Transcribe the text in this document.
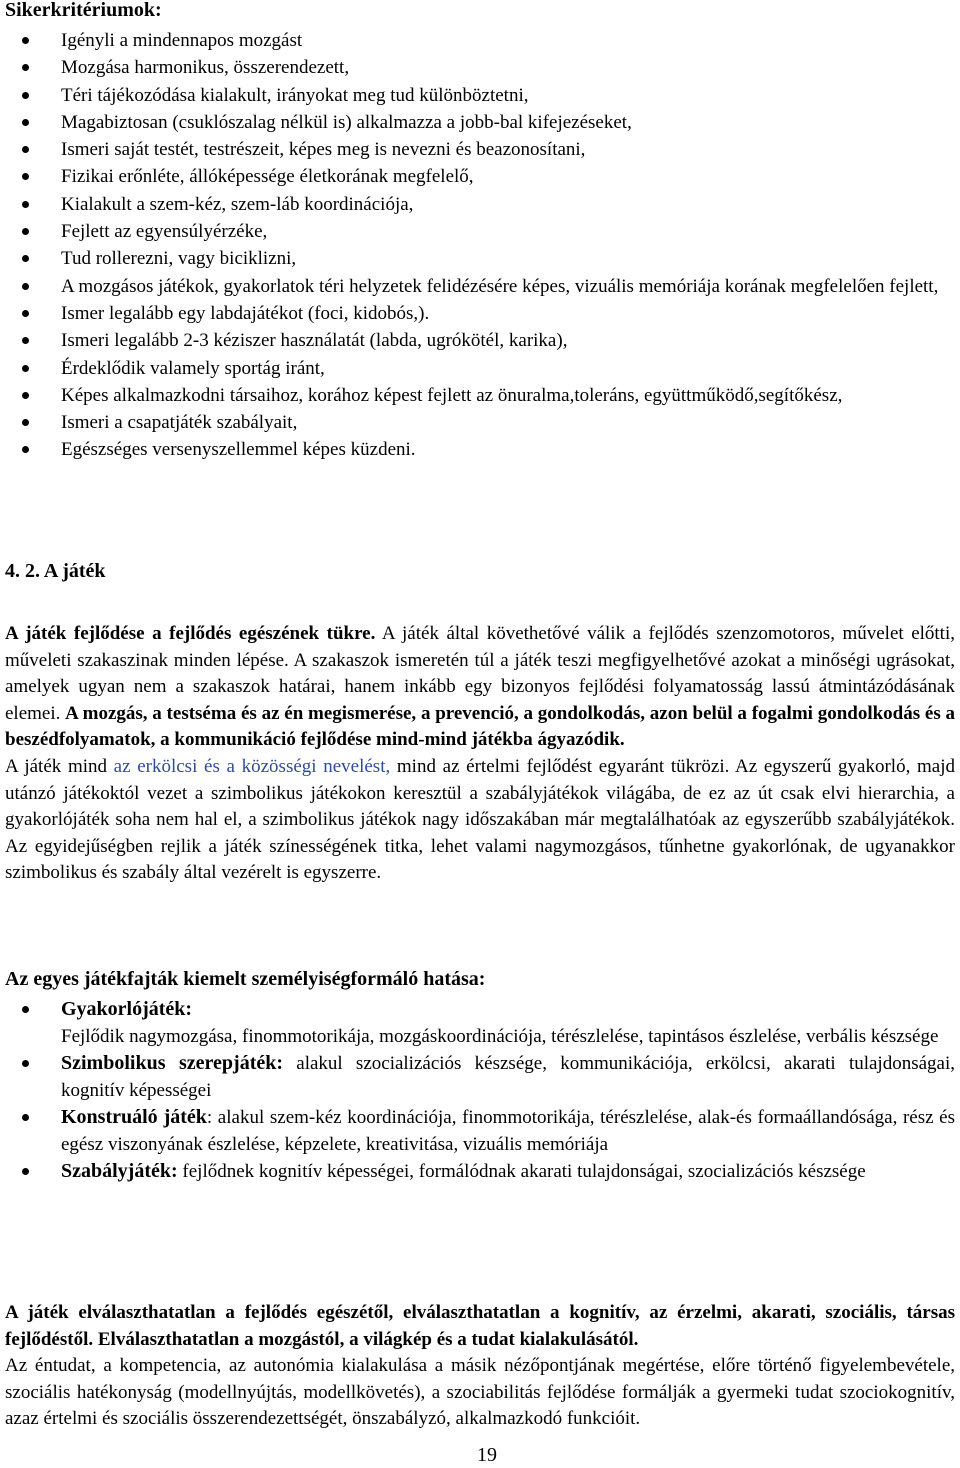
Sikerkritériumok:
Igényli a mindennapos mozgást
Mozgása harmonikus, összerendezett,
Téri tájékozódása kialakult, irányokat meg tud különböztetni,
Magabiztosan (csuklószalag nélkül is) alkalmazza a jobb-bal kifejezéseket,
Ismeri saját testét, testrészeit, képes meg is nevezni és beazonosítani,
Fizikai erőnléte, állóképessége életkorának megfelelő,
Kialakult a szem-kéz, szem-láb koordinációja,
Fejlett az egyensúlyérzéke,
Tud rollerezni, vagy biciklizni,
A mozgásos játékok, gyakorlatok téri helyzetek felidézésére képes, vizuális memóriája korának megfelelően fejlett,
Ismer legalább egy labdajátékot (foci, kidobós,).
Ismeri legalább 2-3 kéziszer használatát (labda, ugrókötél, karika),
Érdeklődik valamely sportág iránt,
Képes alkalmazkodni társaihoz, korához képest fejlett az önuralma,toleráns, együttműködő,segítőkész,
Ismeri a csapatjáték szabályait,
Egészséges versenyszellemmel képes küzdeni.
4. 2. A játék

A játék fejlődése a fejlődés egészének tükre. A játék által követhetővé válik a fejlődés szenzomotoros, művelet előtti, műveleti szakaszinak minden lépése. A szakaszok ismeretén túl a játék teszi megfigyelhetővé azokat a minőségi ugrásokat, amelyek ugyan nem a szakaszok határai, hanem inkább egy bizonyos fejlődési folyamatosság lassú átmintázódásának elemei. A mozgás, a testséma és az én megismerése, a prevenció, a gondolkodás, azon belül a fogalmi gondolkodás és a beszédfolyamatok, a kommunikáció fejlődése mind-mind játékba ágyazódik.
A játék mind az erkölcsi és a közösségi nevelést, mind az értelmi fejlődést egyaránt tükrözi. Az egyszerű gyakorló, majd utánzó játékoktól vezet a szimbolikus játékokon keresztül a szabályjátékok világába, de ez az út csak elvi hierarchia, a gyakorlójáték soha nem hal el, a szimbolikus játékok nagy időszakában már megtalálhatóak az egyszerűbb szabályjátékok. Az egyidejűségben rejlik a játék színességének titka, lehet valami nagymozgásos, tűnhetne gyakorlónak, de ugyanakkor szimbolikus és szabály által vezérelt is egyszerre.

Az egyes játékfajták kiemelt személyiségformáló hatása:
Gyakorlójáték:
Fejlődik nagymozgása, finommotorikája, mozgáskoordinációja, térészlelése, tapintásos észlelése, verbális készsége
Szimbolikus szerepjáték: alakul szocializációs készsége, kommunikációja, erkölcsi, akarati tulajdonságai, kognitív képességei
Konstruáló játék: alakul szem-kéz koordinációja, finommotorikája, térészlelése, alak-és formaállandósága, rész és egész viszonyának észlelése, képzelete, kreativitása, vizuális memóriája
Szabályjáték: fejlődnek kognitív képességei, formálódnak akarati tulajdonságai, szocializációs készsége

A játék elválaszthatatlan a fejlődés egészétől, elválaszthatatlan a kognitív, az érzelmi, akarati, szociális, társas fejlődéstől. Elválaszthatatlan a mozgástól, a világkép és a tudat kialakulásától.
Az éntudat, a kompetencia, az autonómia kialakulása a másik nézőpontjának megértése, előre történő figyelembevétele, szociális hatékonyság (modellnyújtás, modellkövetés), a szociabilitás fejlődése formálják a gyermeki tudat szociokognitív, azaz értelmi és szociális összerendezettségét, önszabályzó, alkalmazkodó funkcióit.

19
